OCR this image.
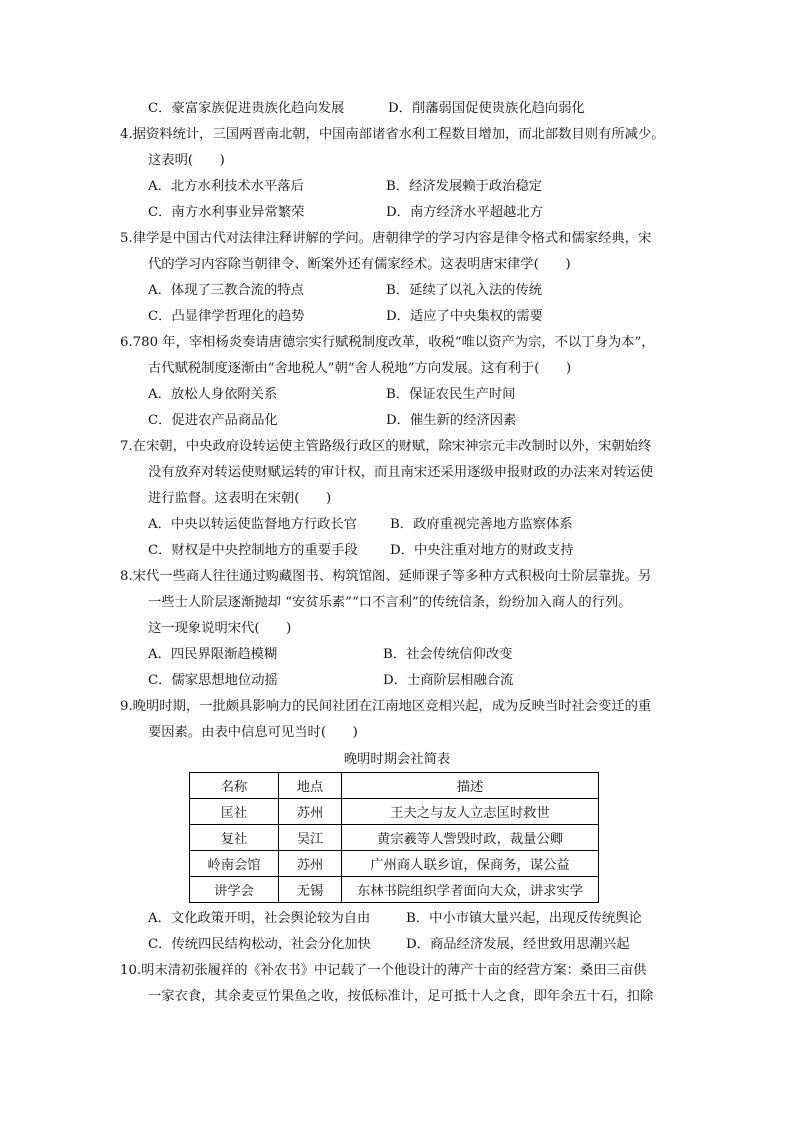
C．豪富家族促进贵族化趋向发展	D．削藩弱国促使贵族化趋向弱化
4.据资料统计，三国两晋南北朝，中国南部诸省水利工程数目增加，而北部数目则有所减少。
这表明(　　)
A．北方水利技术水平落后	B．经济发展赖于政治稳定
C．南方水利事业异常繁荣	D．南方经济水平超越北方
5.律学是中国古代对法律注释讲解的学问。唐朝律学的学习内容是律令格式和儒家经典，宋
代的学习内容除当朝律令、断案外还有儒家经术。这表明唐宋律学(　　)
A．体现了三教合流的特点	B．延续了以礼入法的传统
C．凸显律学哲理化的趋势	D．适应了中央集权的需要
6.780 年，宰相杨炎奏请唐德宗实行赋税制度改革，收税“唯以资产为宗，不以丁身为本”，
古代赋税制度逐渐由“舍地税人”朝“舍人税地”方向发展。这有利于(　　)
A．放松人身依附关系	B．保证农民生产时间
C．促进农产品商品化	D．催生新的经济因素
7.在宋朝，中央政府设转运使主管路级行政区的财赋，除宋神宗元丰改制时以外，宋朝始终
没有放弃对转运使财赋运转的审计权，而且南宋还采用逐级申报财政的办法来对转运使
进行监督。这表明在宋朝(　　)
A．中央以转运使监督地方行政长官 B．政府重视完善地方监察体系
C．财权是中央控制地方的重要手段 D．中央注重对地方的财政支持
8.宋代一些商人往往通过购藏图书、构筑馆阁、延师课子等多种方式积极向士阶层靠拢。另
一些士人阶层逐渐抛却 “安贫乐素”“口不言利”的传统信条，纷纷加入商人的行列。
这一现象说明宋代(　　)
A．四民界限渐趋模糊	B．社会传统信仰改变
C．儒家思想地位动摇	D．士商阶层相融合流
9.晚明时期，一批颇具影响力的民间社团在江南地区竞相兴起，成为反映当时社会变迁的重
要因素。由表中信息可见当时(　　)
晚明时期会社简表
名称	地点	描述
匡社	苏州	王夫之与友人立志匡时救世
复社	吴江	黄宗羲等人訾毁时政，裁量公卿
岭南会馆	苏州	广州商人联乡谊，保商务，谋公益
讲学会	无锡	东林书院组织学者面向大众，讲求实学
A．文化政策开明，社会舆论较为自由	B．中小市镇大量兴起，出现反传统舆论
C．传统四民结构松动，社会分化加快	D．商品经济发展，经世致用思潮兴起
10.明末清初张履祥的《补农书》中记载了一个他设计的薄产十亩的经营方案：桑田三亩供
一家衣食，其余麦豆竹果鱼之收，按低标准计，足可抵十人之食，即年余五十石，扣除
